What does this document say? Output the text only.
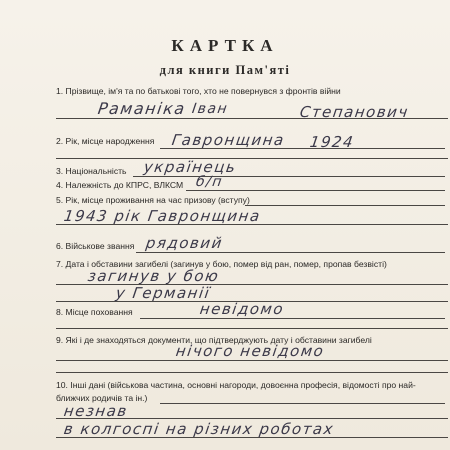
КАРТКА
для книги Пам'яті
1. Прізвище, ім'я та по батькові того, хто не повернувся з фронтів війни
Раманіка Іван	Степанович
2. Рік, місце народження Гавронщина 1924
3. Національність українець
4. Належність до КПРС, ВЛКСМ б/п
5. Рік, місце проживання на час призову (вступу)
1943 рік Гавронщина
6. Військове звання рядовий
7. Дата і обставини загибелі (загинув у бою, помер від ран, помер, пропав безвісті)
загинув у бою
у Германії
8. Місце поховання	невідомо
9. Які і де знаходяться документи, що підтверджують дату і обставини загибелі
нічого невідомо
10. Інші дані (військова частина, основні нагороди, довоєнна професія, відомості про най-
ближчих родичів та ін.)
незнав
в колгоспі на різних роботах
